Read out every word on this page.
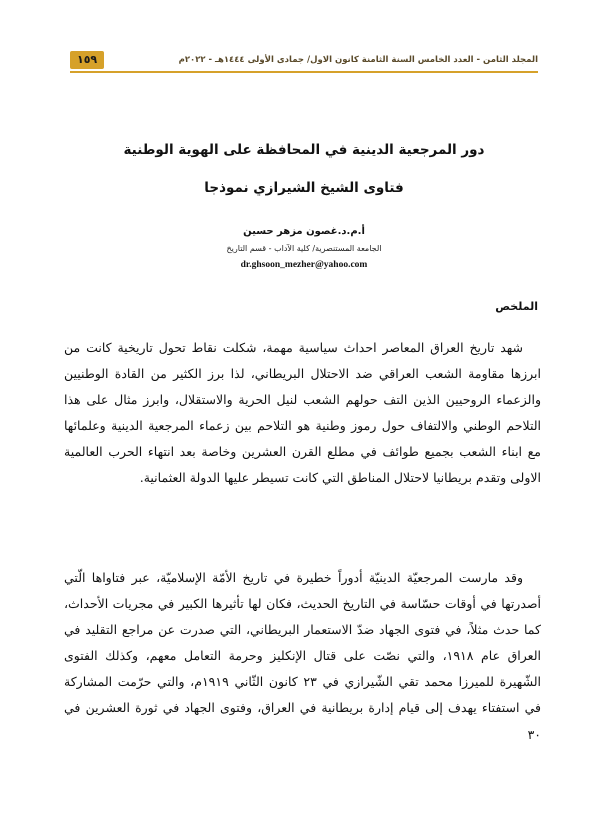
المجلد الثامن - العدد الخامس السنة الثامنة كانون الاول/ جمادى الأولى ١٤٤٤هـ - ٢٠٢٢م
١٥٩
دور المرجعية الدينية في المحافظة على الهوية الوطنية
فتاوى الشيخ الشيرازي نموذجا
أ.م.د.غصون مزهر حسين
الجامعة المستنصرية/ كلية الآداب - قسم التاريخ
dr.ghsoon_mezher@yahoo.com
الملخص

شهد تاريخ العراق المعاصر احداث سياسية مهمة، شكلت نقاط تحول تاريخية كانت من ابرزها مقاومة الشعب العراقي ضد الاحتلال البريطاني، لذا برز الكثير من القادة الوطنيين والزعماء الروحيين الذين التف حولهم الشعب لنيل الحرية والاستقلال، وابرز مثال على هذا التلاحم الوطني والالتفاف حول رموز وطنية هو التلاحم بين زعماء المرجعية الدينية وعلمائها مع ابناء الشعب بجميع طوائف في مطلع القرن العشرين وخاصة بعد انتهاء الحرب العالمية الاولى وتقدم بريطانيا لاحتلال المناطق التي كانت تسيطر عليها الدولة العثمانية.

وقد مارست المرجعيّة الدينيّة أدوراً خطيرة في تاريخ الأمّة الإسلاميّة، عبر فتاواها الّتي أصدرتها في أوقات حسّاسة في التاريخ الحديث، فكان لها تأثيرها الكبير في مجريات الأحداث، كما حدث مثلاً، في فتوى الجهاد ضدّ الاستعمار البريطاني، التي صدرت عن مراجع التقليد في العراق عام ١٩١٨، والتي نصّت على قتال الإنكليز وحرمة التعامل معهم، وكذلك الفتوى الشّهيرة للميرزا محمد تقي الشّيرازي في ٢٣ كانون الثّاني ١٩١٩م، والتي حرّمت المشاركة في استفتاء يهدف إلى قيام إدارة بريطانية في العراق، وفتوى الجهاد في ثورة العشرين في ٣٠
